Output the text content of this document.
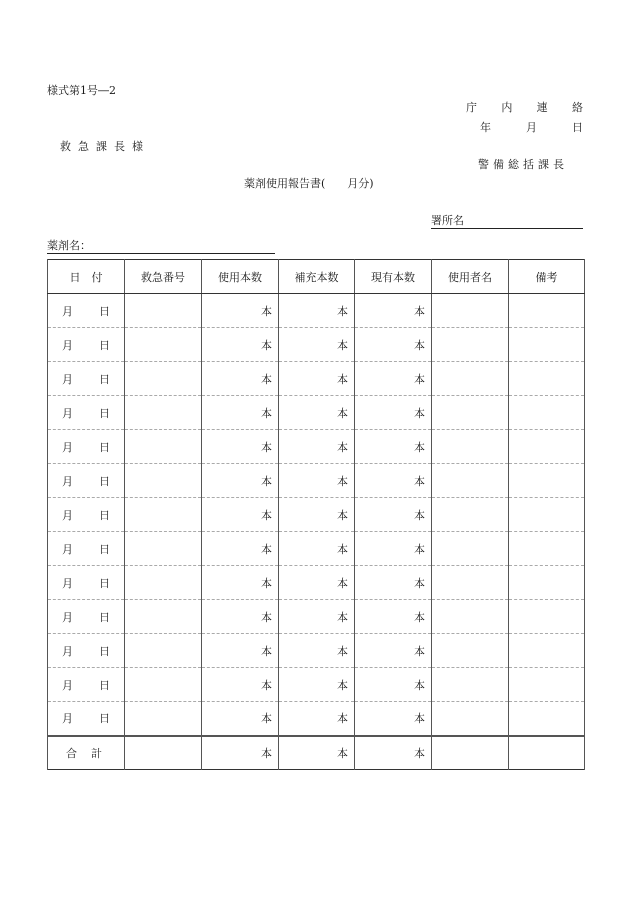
様式第1号―2
庁 内 連 絡
年	月	日
救急課長様
警備総括課長
薬剤使用報告書(　　月分)
署所名
薬剤名：
日　付	救急番号	使用本数	補充本数	現有本数	使用者名	備考
月 日		本	本	本		
月 日		本	本	本		
月 日		本	本	本		
月 日		本	本	本		
月 日		本	本	本		
月 日		本	本	本		
月 日		本	本	本		
月 日		本	本	本		
月 日		本	本	本		
月 日		本	本	本		
月 日		本	本	本		
月 日		本	本	本		
月 日		本	本	本		
合計		本	本	本		
